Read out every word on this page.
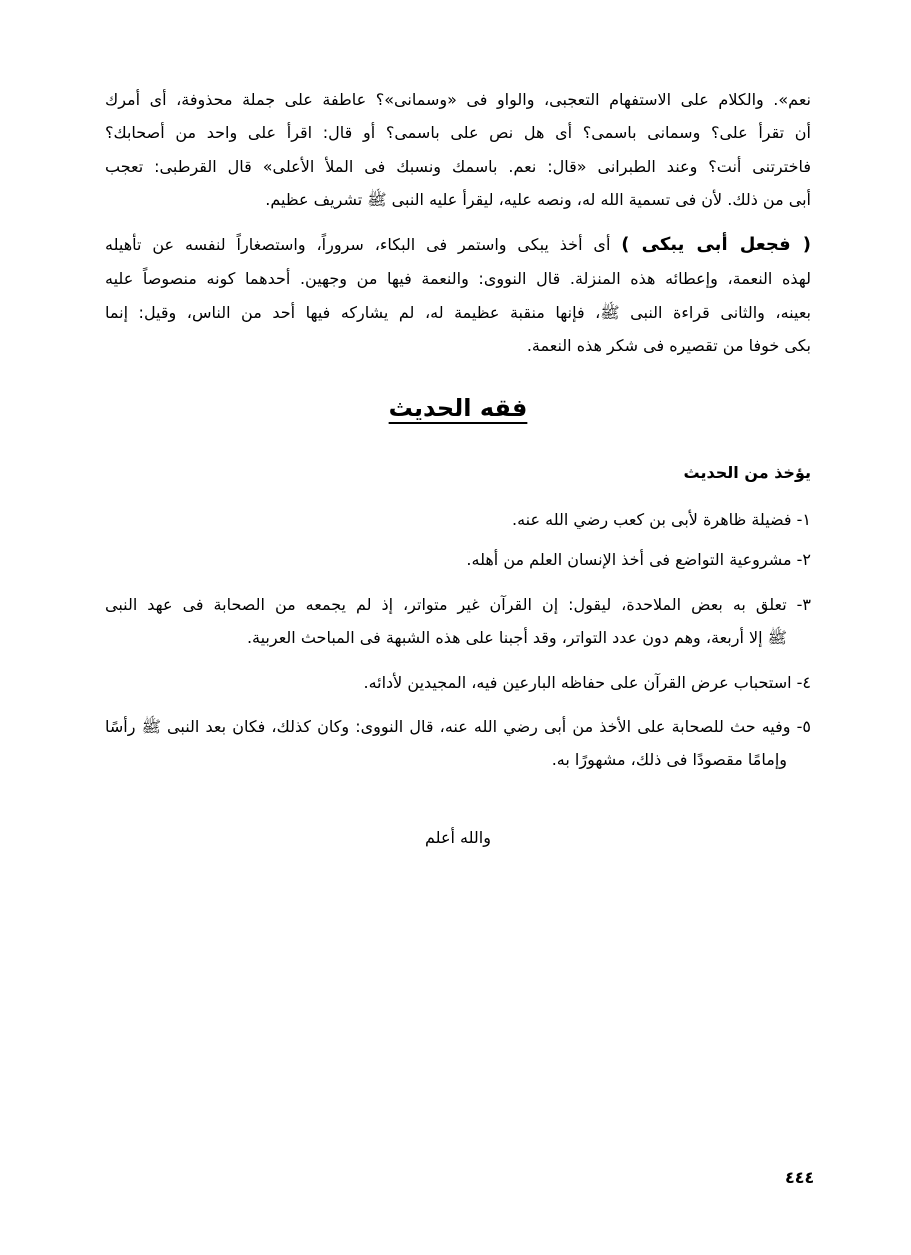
نعم». والكلام على الاستفهام التعجبى، والواو فى «وسمانى»؟ عاطفة على جملة محذوفة، أى أمرك
أن تقرأ على؟ وسمانى باسمى؟ أى هل نص على باسمى؟ أو قال: اقرأ على واحد من أصحابك؟
فاخترتنى أنت؟ وعند الطبرانى «قال: نعم. باسمك ونسبك فى الملأ الأعلى» قال القرطبى: تعجب
أبى من ذلك. لأن فى تسمية الله له، ونصه عليه، ليقرأ عليه النبى ﷺ تشريف عظيم.
( فجعل أبى يبكى ) أى أخذ يبكى واستمر فى البكاء، سروراً، واستصغاراً لنفسه عن تأهيله
لهذه النعمة، وإعطائه هذه المنزلة. قال النووى: والنعمة فيها من وجهين. أحدهما كونه منصوصاً عليه
بعينه، والثانى قراءة النبى ﷺ، فإنها منقبة عظيمة له، لم يشاركه فيها أحد من الناس، وقيل: إنما
بكى خوفا من تقصيره فى شكر هذه النعمة.
فقه الحديث
يؤخذ من الحديث
١- فضيلة ظاهرة لأبى بن كعب رضي الله عنه.
٢- مشروعية التواضع فى أخذ الإنسان العلم من أهله.
٣- تعلق به بعض الملاحدة، ليقول: إن القرآن غير متواتر، إذ لم يجمعه من الصحابة فى عهد النبى
ﷺ إلا أربعة، وهم دون عدد التواتر، وقد أجبنا على هذه الشبهة فى المباحث العربية.
٤- استحباب عرض القرآن على حفاظه البارعين فيه، المجيدين لأدائه.
٥- وفيه حث للصحابة على الأخذ من أبى رضي الله عنه، قال النووى: وكان كذلك، فكان بعد النبى ﷺ رأسًا
وإمامًا مقصودًا فى ذلك، مشهورًا به.
والله أعلم
٤٤٤
